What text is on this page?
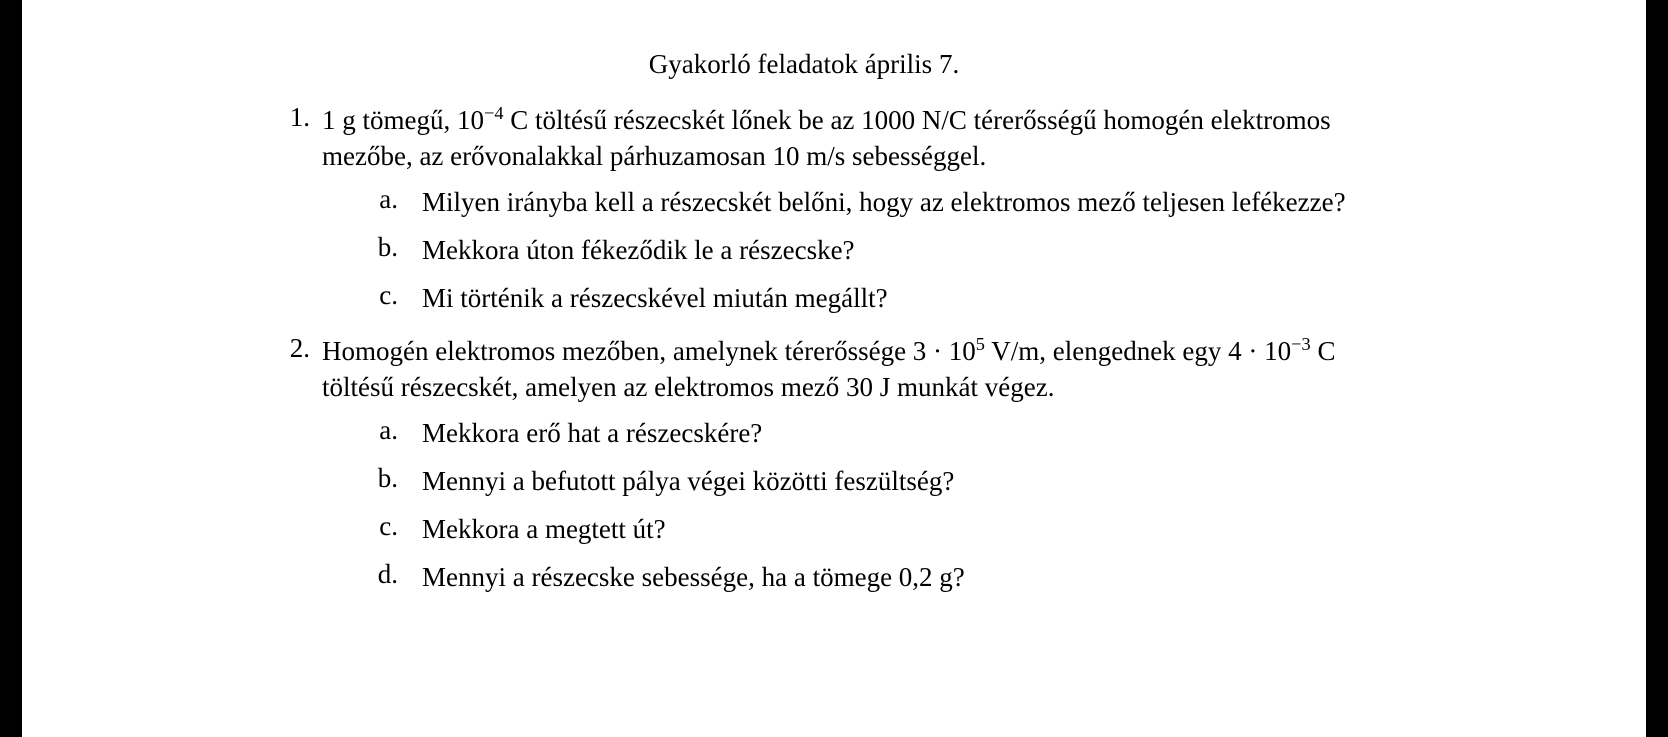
Gyakorló feladatok április 7.
1. 1 g tömegű, $10^{-4}$ C töltésű részecskét lőnek be az 1000 N/C térerősségű homogén elektromos mezőbe, az erővonalakkal párhuzamosan 10 m/s sebességgel.
a. Milyen irányba kell a részecskét belőni, hogy az elektromos mező teljesen lefékezze?
b. Mekkora úton fékeződik le a részecske?
c. Mi történik a részecskével miután megállt?
2. Homogén elektromos mezőben, amelynek térerőssége $3 \cdot 10^5$ V/m, elengednek egy $4 \cdot 10^{-3}$ C töltésű részecskét, amelyen az elektromos mező 30 J munkát végez.
a. Mekkora erő hat a részecskére?
b. Mennyi a befutott pálya végei közötti feszültség?
c. Mekkora a megtett út?
d. Mennyi a részecske sebessége, ha a tömege 0,2 g?
